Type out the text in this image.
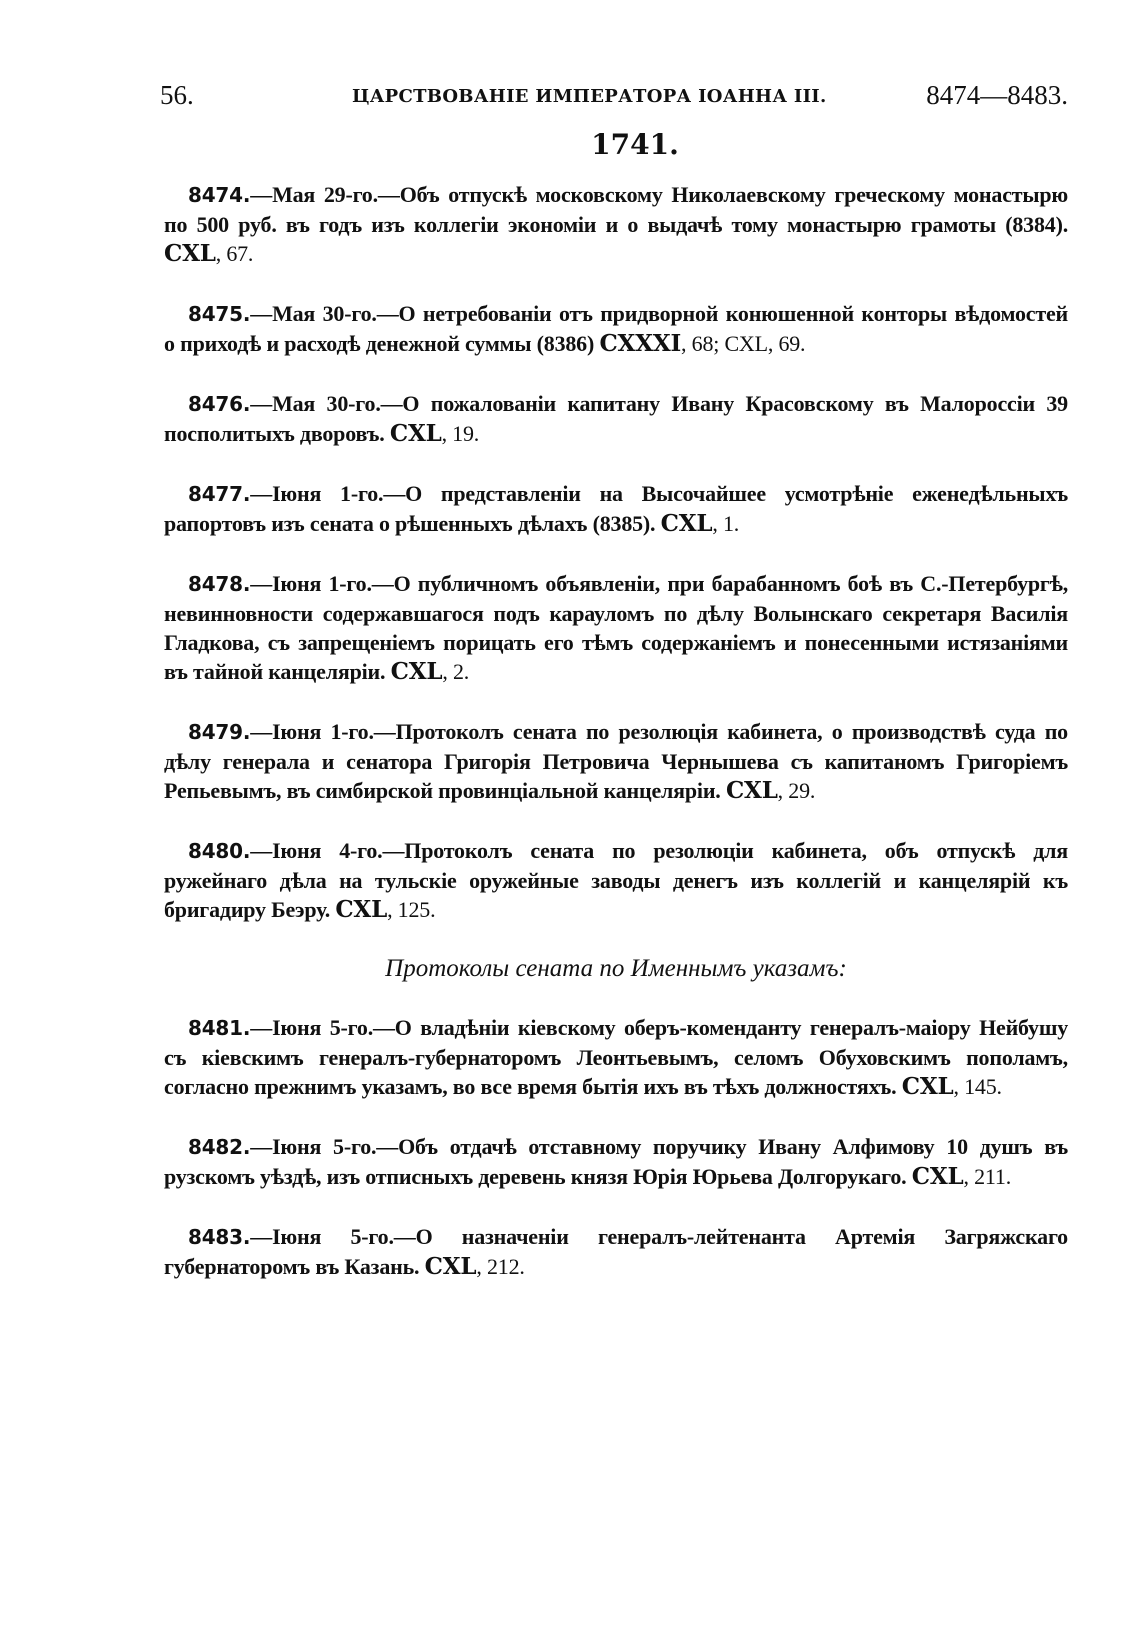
56.	ЦАРСТВОВАНІЕ ИМПЕРАТОРА ІОАННА III.	8474—8483.
1741.

8474.—Мая 29-го.—Объ отпускѣ московскому Николаевскому греческому монастырю по 500 руб. въ годъ изъ коллегіи экономіи и о выдачѣ тому монастырю грамоты (8384). CXL, 67.

8475.—Мая 30-го.—О нетребованіи отъ придворной конюшенной конторы вѣдомостей о приходѣ и расходѣ денежной суммы (8386) CXXXI, 68; CXL, 69.

8476.—Мая 30-го.—О пожалованіи капитану Ивану Красовскому въ Малороссіи 39 посполитыхъ дворовъ. CXL, 19.

8477.—Іюня 1-го.—О представленіи на Высочайшее усмотрѣніе еженедѣльныхъ рапортовъ изъ сената о рѣшенныхъ дѣлахъ (8385). CXL, 1.

8478.—Іюня 1-го.—О публичномъ объявленіи, при барабанномъ боѣ въ С.-Петербургѣ, невинновности содержавшагося подъ карауломъ по дѣлу Волынскаго секретаря Василія Гладкова, съ запрещеніемъ порицать его тѣмъ содержаніемъ и понесенными истязаніями въ тайной канцеляріи. CXL, 2.

8479.—Іюня 1-го.—Протоколъ сената по резолюція кабинета, о производствѣ суда по дѣлу генерала и сенатора Григорія Петровича Чернышева съ капитаномъ Григоріемъ Репьевымъ, въ симбирской провинціальной канцеляріи. CXL, 29.

8480.—Іюня 4-го.—Протоколъ сената по резолюціи кабинета, объ отпускѣ для ружейнаго дѣла на тульскіе оружейные заводы денегъ изъ коллегій и канцелярій къ бригадиру Беэру. CXL, 125.

Протоколы сената по Именнымъ указамъ:

8481.—Іюня 5-го.—О владѣніи кіевскому оберъ-коменданту генералъ-маіору Нейбушу съ кіевскимъ генералъ-губернаторомъ Леонтьевымъ, селомъ Обуховскимъ пополамъ, согласно прежнимъ указамъ, во все время бытія ихъ въ тѣхъ должностяхъ. CXL, 145.

8482.—Іюня 5-го.—Объ отдачѣ отставному поручику Ивану Алфимову 10 душъ въ рузскомъ уѣздѣ, изъ отписныхъ деревень князя Юрія Юрьева Долгорукаго. CXL, 211.

8483.—Іюня 5-го.—О назначеніи генералъ-лейтенанта Артемія Загряжскаго губернаторомъ въ Казань. CXL, 212.
